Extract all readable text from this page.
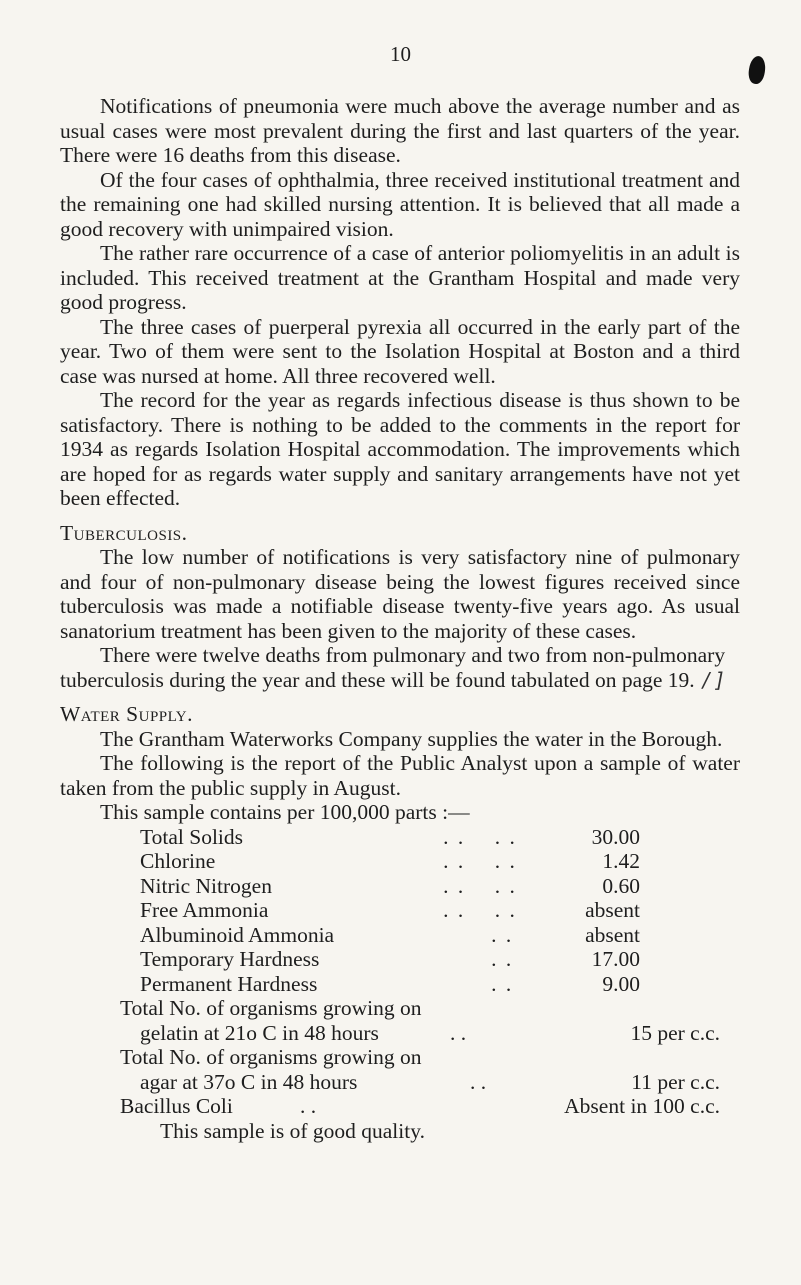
10

Notifications of pneumonia were much above the average number and as usual cases were most prevalent during the first and last quarters of the year. There were 16 deaths from this disease.

Of the four cases of ophthalmia, three received institutional treatment and the remaining one had skilled nursing attention. It is believed that all made a good recovery with unimpaired vision.

The rather rare occurrence of a case of anterior poliomyelitis in an adult is included. This received treatment at the Grantham Hospital and made very good progress.

The three cases of puerperal pyrexia all occurred in the early part of the year. Two of them were sent to the Isolation Hospital at Boston and a third case was nursed at home. All three recovered well.

The record for the year as regards infectious disease is thus shown to be satisfactory. There is nothing to be added to the comments in the report for 1934 as regards Isolation Hospital accommodation. The improvements which are hoped for as regards water supply and sanitary arrangements have not yet been effected.

Tuberculosis.

The low number of notifications is very satisfactory nine of pulmonary and four of non-pulmonary disease being the lowest figures received since tuberculosis was made a notifiable disease twenty-five years ago. As usual sanatorium treatment has been given to the majority of these cases.

There were twelve deaths from pulmonary and two from non-pulmonary tuberculosis during the year and these will be found tabulated on page 19. / ]

Water Supply.

The Grantham Waterworks Company supplies the water in the Borough.

The following is the report of the Public Analyst upon a sample of water taken from the public supply in August.

This sample contains per 100,000 parts :—
Total Solids	. .    . .	30.00
Chlorine	. .    . .	1.42
Nitric Nitrogen	. .    . .	0.60
Free Ammonia	. .    . .	absent
Albuminoid Ammonia	. .	absent
Temporary Hardness	. .	17.00
Permanent Hardness	. .	9.00
Total No. of organisms growing on
gelatin at 21o C in 48 hours	. .	15 per c.c.
Total No. of organisms growing on
agar at 37o C in 48 hours	. .	11 per c.c.
Bacillus Coli	. .	Absent in 100 c.c.

This sample is of good quality.
